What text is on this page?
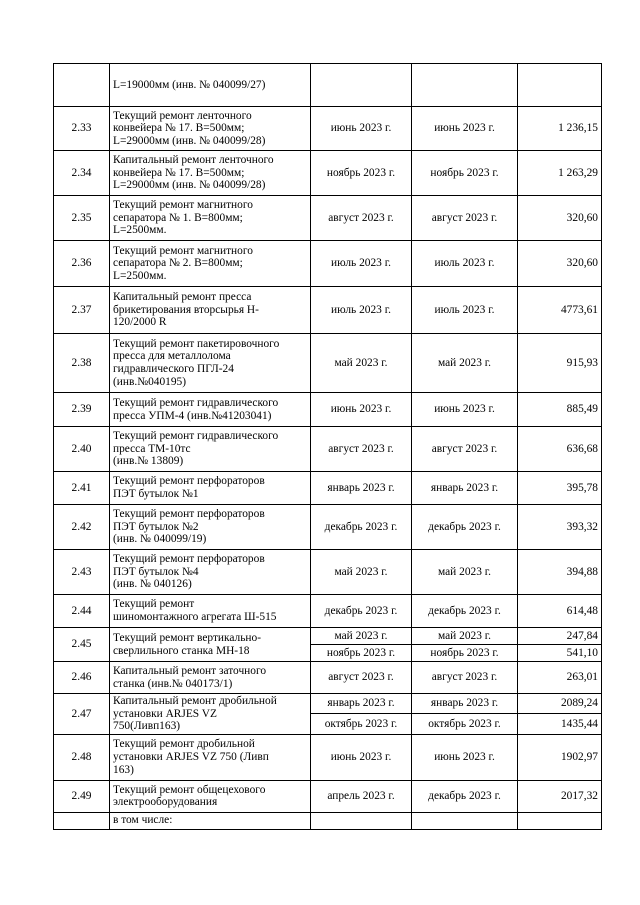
	L=19000мм (инв. № 040099/27)			

2.33	Текущий ремонт ленточного
конвейера № 17. B=500мм;
L=29000мм (инв. № 040099/28)	июнь 2023 г.	июнь 2023 г.	1 236,15
2.34	Капитальный ремонт ленточного
конвейера № 17. B=500мм;
L=29000мм (инв. № 040099/28)	ноябрь 2023 г.	ноябрь 2023 г.	1 263,29
2.35	Текущий ремонт магнитного
сепаратора № 1. B=800мм;
L=2500мм.	август 2023 г.	август 2023 г.	320,60
2.36	Текущий ремонт магнитного
сепаратора № 2. B=800мм;
L=2500мм.	июль 2023 г.	июль 2023 г.	320,60
2.37	Капитальный ремонт пресса
брикетирования вторсырья Н-
120/2000 R	июль 2023 г.	июль 2023 г.	4773,61
2.38	Текущий ремонт пакетировочного
пресса для металлолома
гидравлического ПГЛ-24
(инв.№040195)	май 2023 г.	май 2023 г.	915,93
2.39	Текущий ремонт гидравлического
пресса УПМ-4 (инв.№41203041)	июнь 2023 г.	июнь 2023 г.	885,49
2.40	Текущий ремонт гидравлического
пресса ТМ-10тс
(инв.№ 13809)	август 2023 г.	август 2023 г.	636,68
2.41	Текущий ремонт перфораторов
ПЭТ бутылок №1	январь 2023 г.	январь 2023 г.	395,78
2.42	Текущий ремонт перфораторов
ПЭТ бутылок №2
(инв. № 040099/19)	декабрь 2023 г.	декабрь 2023 г.	393,32
2.43	Текущий ремонт перфораторов
ПЭТ бутылок №4
(инв. № 040126)	май 2023 г.	май 2023 г.	394,88
2.44	Текущий ремонт
шиномонтажного агрегата Ш-515	декабрь 2023 г.	декабрь 2023 г.	614,48
2.45	Текущий ремонт вертикально-
сверлильного станка МН-18	май 2023 г.	май 2023 г.	247,84
		ноябрь 2023 г.	ноябрь 2023 г.	541,10
2.46	Капитальный ремонт заточного
станка (инв.№ 040173/1)	август 2023 г.	август 2023 г.	263,01
2.47	Капитальный ремонт дробильной
установки ARJES VZ
750(Ливп163)	январь 2023 г.	январь 2023 г.	2089,24
		октябрь 2023 г.	октябрь 2023 г.	1435,44
2.48	Текущий ремонт дробильной
установки ARJES VZ 750 (Ливп
163)	июнь 2023 г.	июнь 2023 г.	1902,97
2.49	Текущий ремонт общецехового
электрооборудования	апрель 2023 г.	декабрь 2023 г.	2017,32

	в том числе:			
